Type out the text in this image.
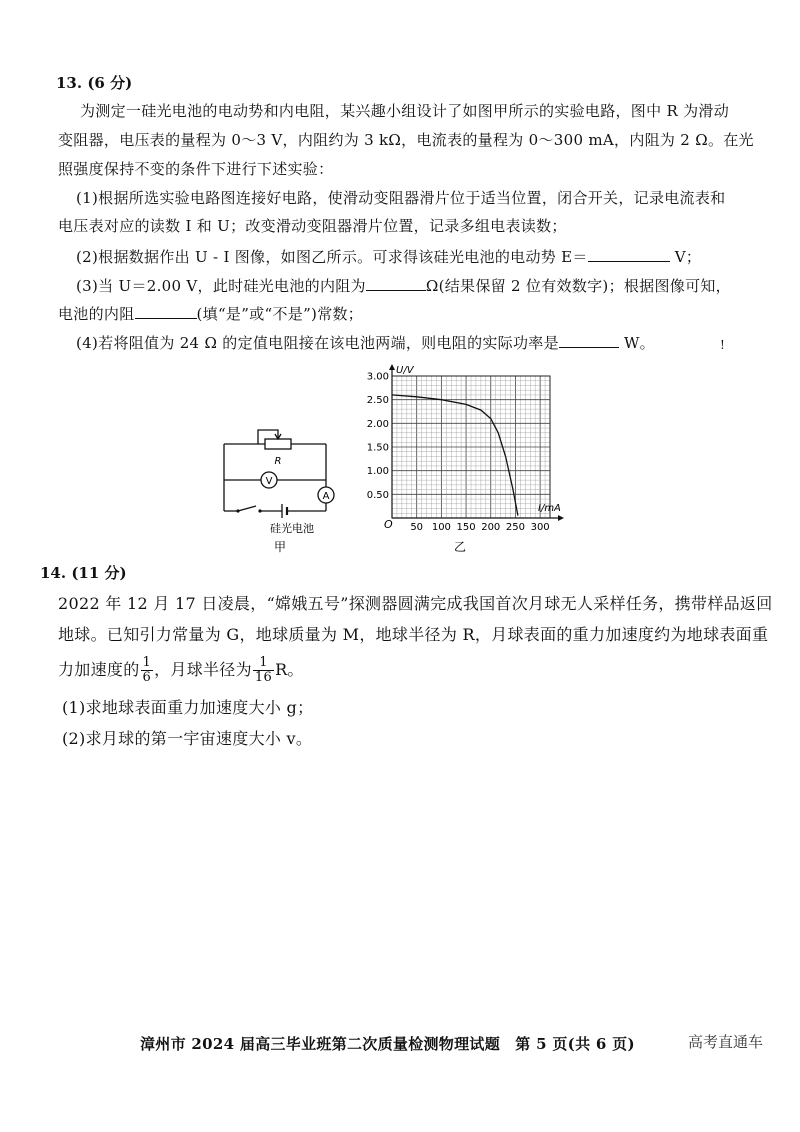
13. (6 分)
为测定一硅光电池的电动势和内电阻，某兴趣小组设计了如图甲所示的实验电路，图中 R 为滑动
变阻器，电压表的量程为 0～3 V，内阻约为 3 kΩ，电流表的量程为 0～300 mA，内阻为 2 Ω。在光
照强度保持不变的条件下进行下述实验：
(1)根据所选实验电路图连接好电路，使滑动变阻器滑片位于适当位置，闭合开关，记录电流表和
电压表对应的读数 I 和 U；改变滑动变阻器滑片位置，记录多组电表读数；
(2)根据数据作出 U - I 图像，如图乙所示。可求得该硅光电池的电动势 E＝	V；
(3)当 U＝2.00 V，此时硅光电池的内阻为	Ω(结果保留 2 位有效数字)；根据图像可知，
电池的内阻	(填“是”或“不是”)常数；
(4)若将阻值为 24 Ω 的定值电阻接在该电池两端，则电阻的实际功率是	W。	!
R
V
A
硅光电池
甲
50 100 150 200 250 300
0.50
1.00
1.50
2.00
2.50
3.00
U/V
I/mA
O
乙
14. (11 分)
2022 年 12 月 17 日凌晨，“嫦娥五号”探测器圆满完成我国首次月球无人采样任务，携带样品返回
地球。已知引力常量为 G，地球质量为 M，地球半径为 R，月球表面的重力加速度约为地球表面重
力加速度的 $\frac{1}{6}$ ，月球半径为 $\frac{1}{16}$ R。
(1)求地球表面重力加速度大小 g；
(2)求月球的第一宇宙速度大小 v。
漳州市 2024 届高三毕业班第二次质量检测物理试题　第 5 页(共 6 页)	高考直通车
